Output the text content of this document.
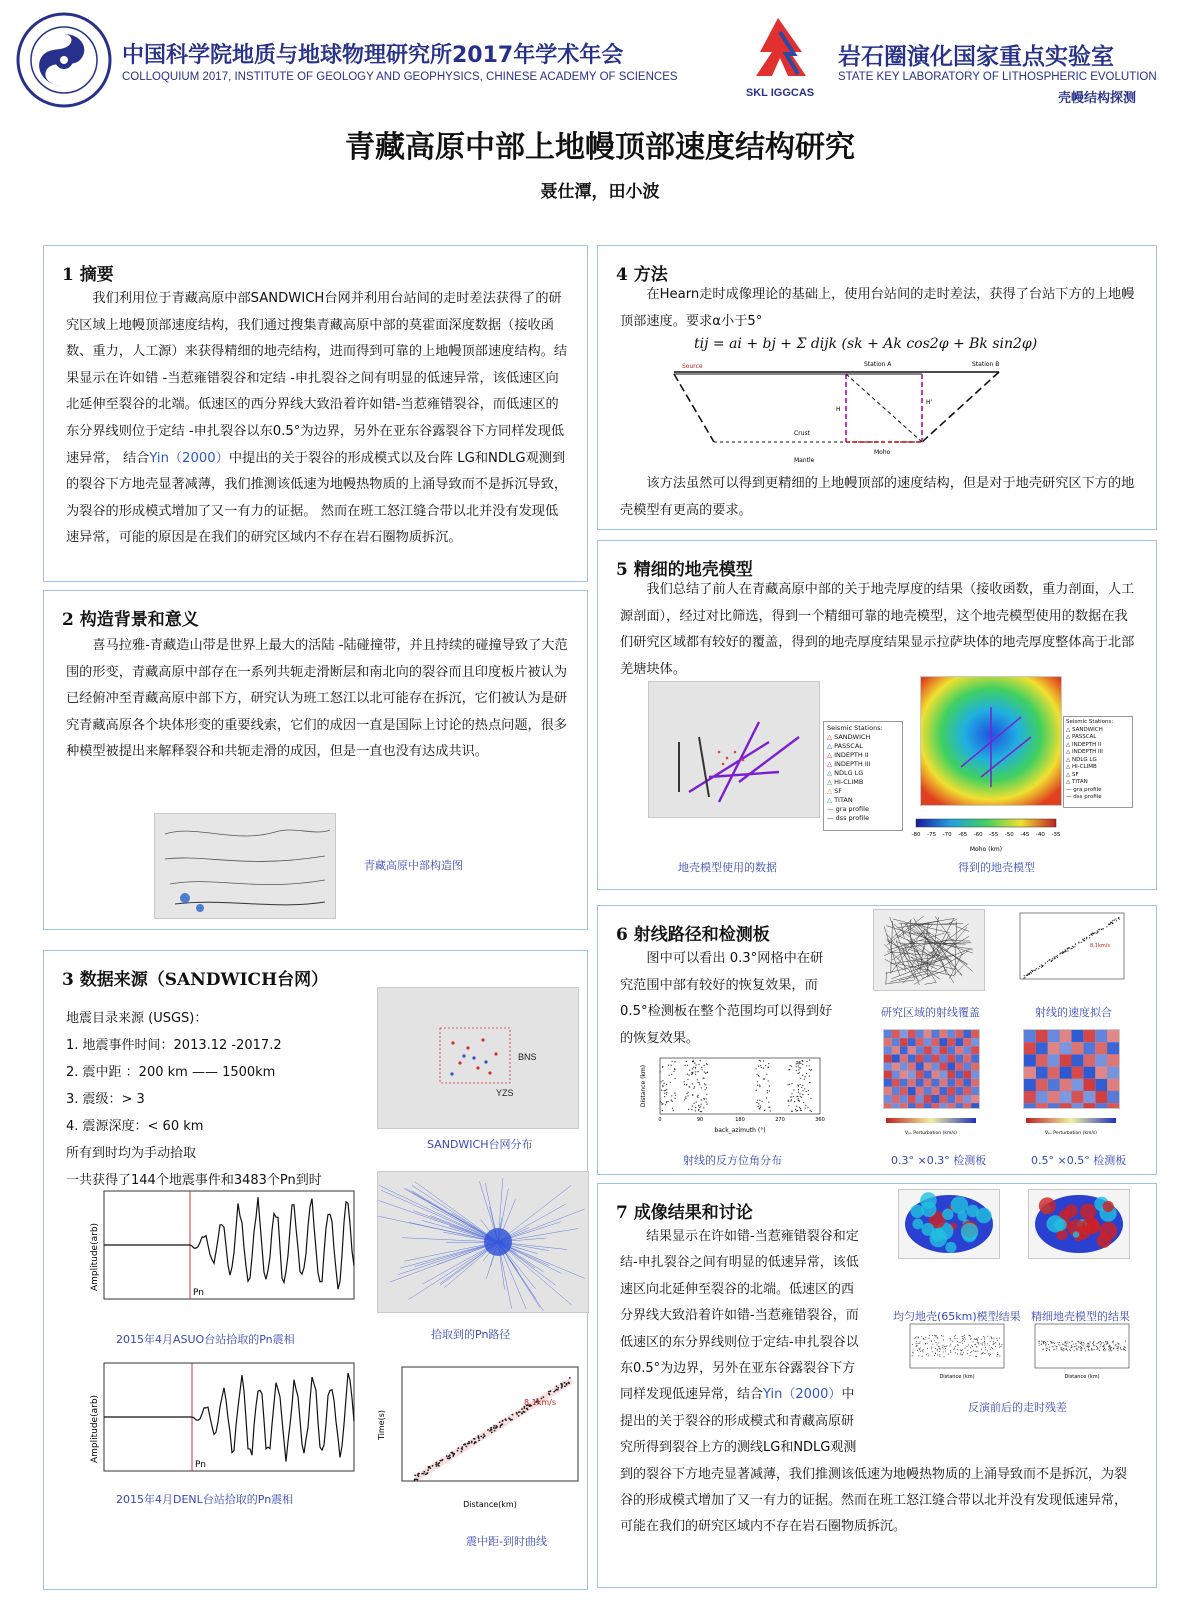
中国科学院地质与地球物理研究所2017年学术年会
COLLOQUIUM 2017, INSTITUTE OF GEOLOGY AND GEOPHYSICS, CHINESE ACADEMY OF SCIENCES
SKL IGGCAS
岩石圈演化国家重点实验室
STATE KEY LABORATORY OF LITHOSPHERIC EVOLUTION
壳幔结构探测
青藏高原中部上地幔顶部速度结构研究
聂仕潭，田小波
1 摘要

我们利用位于青藏高原中部SANDWICH台网并利用台站间的走时差法获得了的研究区域上地幔顶部速度结构，我们通过搜集青藏高原中部的莫霍面深度数据（接收函数、重力，人工源）来获得精细的地壳结构，进而得到可靠的上地幔顶部速度结构。结果显示在许如错 -当惹雍错裂谷和定结 -申扎裂谷之间有明显的低速异常，该低速区向北延伸至裂谷的北端。低速区的西分界线大致沿着许如错-当惹雍错裂谷，而低速区的东分界线则位于定结 -申扎裂谷以东0.5°为边界，另外在亚东谷露裂谷下方同样发现低速异常， 结合Yin（2000）中提出的关于裂谷的形成模式以及台阵 LG和NDLG观测到的裂谷下方地壳显著减薄，我们推测该低速为地幔热物质的上涌导致而不是拆沉导致，为裂谷的形成模式增加了又一有力的证据。 然而在班工怒江缝合带以北并没有发现低速异常，可能的原因是在我们的研究区域内不存在岩石圈物质拆沉。

2 构造背景和意义

喜马拉雅-青藏造山带是世界上最大的活陆 -陆碰撞带，并且持续的碰撞导致了大范围的形变，青藏高原中部存在一系列共轭走滑断层和南北向的裂谷而且印度板片被认为已经俯冲至青藏高原中部下方，研究认为班工怒江以北可能存在拆沉，它们被认为是研究青藏高原各个块体形变的重要线索，它们的成因一直是国际上讨论的热点问题，很多种模型被提出来解释裂谷和共轭走滑的成因，但是一直也没有达成共识。

青藏高原中部构造图
3 数据来源（SANDWICH台网）
地震目录来源 (USGS)：
1. 地震事件时间：2013.12 -2017.2
2. 震中距 ：200 km —— 1500km
3. 震级：> 3
4. 震源深度：< 60 km
所有到时均为手动拾取
一共获得了144个地震事件和3483个Pn到时
BNS
YZS
SANDWICH台网分布
拾取到的Pn路径
Pn
Amplitude(arb)
2015年4月ASUO台站拾取的Pn震相
Pn
Amplitude(arb)
2015年4月DENL台站拾取的Pn震相
8.1km/s
Distance(km)
Time(s)
震中距-到时曲线
4 方法

在Hearn走时成像理论的基础上，使用台站间的走时差法，获得了台站下方的上地幔顶部速度。要求α小于5°

tij = ai + bj + Σ dijk (sk + Ak cos2φ + Bk sin2φ)
Source	Station A	Station B
Crust
Moho
Mantle
H
H'

该方法虽然可以得到更精细的上地幔顶部的速度结构，但是对于地壳研究区下方的地壳模型有更高的要求。

5 精细的地壳模型

我们总结了前人在青藏高原中部的关于地壳厚度的结果（接收函数，重力剖面，人工源剖面），经过对比筛选，得到一个精细可靠的地壳模型，这个地壳模型使用的数据在我们研究区域都有较好的覆盖，得到的地壳厚度结果显示拉萨块体的地壳厚度整体高于北部羌塘块体。

Seismic Stations:
△ SANDWICH
△ PASSCAL
△ INDEPTH II
△ INDEPTH III
△ NDLG LG
△ HI-CLIMB
△ SF
△ TITAN
— gra profile
— dss profile
地壳模型使用的数据
Seismic Stations:
△ SANDWICH
△ PASSCAL
△ INDEPTH II
△ INDEPTH III
△ NDLG LG
△ HI-CLIMB
△ SF
△ TITAN
— gra profile
— dss profile
-80 -75 -70 -65 -60 -55 -50 -45 -40 -35
Moho (km)
得到的地壳模型
6 射线路径和检测板

图中可以看出 0.3°网格中在研究范围中部有较好的恢复效果，而0.5°检测板在整个范围均可以得到好的恢复效果。

0	90	180	270	360
back_azimuth (°)
Distance (km)
射线的反方位角分布
研究区域的射线覆盖
8.1km/s
射线的速度拟合
Vₚₙ Perturbation (km/s)	Vₚₙ Perturbation (km/s)
0.3° ×0.3° 检测板	0.5° ×0.5° 检测板
7 成像结果和讨论

结果显示在许如错-当惹雍错裂谷和定结-申扎裂谷之间有明显的低速异常，该低速区向北延伸至裂谷的北端。低速区的西分界线大致沿着许如错-当惹雍错裂谷，而低速区的东分界线则位于定结-申扎裂谷以东0.5°为边界，另外在亚东谷露裂谷下方同样发现低速异常，结合Yin（2000）中提出的关于裂谷的形成模式和青藏高原研究所得到裂谷上方的测线LG和NDLG观测到的裂谷下方地壳显著减薄，我们推测该低速为地幔热物质的上涌导致而不是拆沉，为裂谷的形成模式增加了又一有力的证据。然而在班工怒江缝合带以北并没有发现低速异常，可能在我们的研究区域内不存在岩石圈物质拆沉。

均匀地壳(65km)模型结果 精细地壳模型的结果
Distance (km)	Distance (km)
反演前后的走时残差
